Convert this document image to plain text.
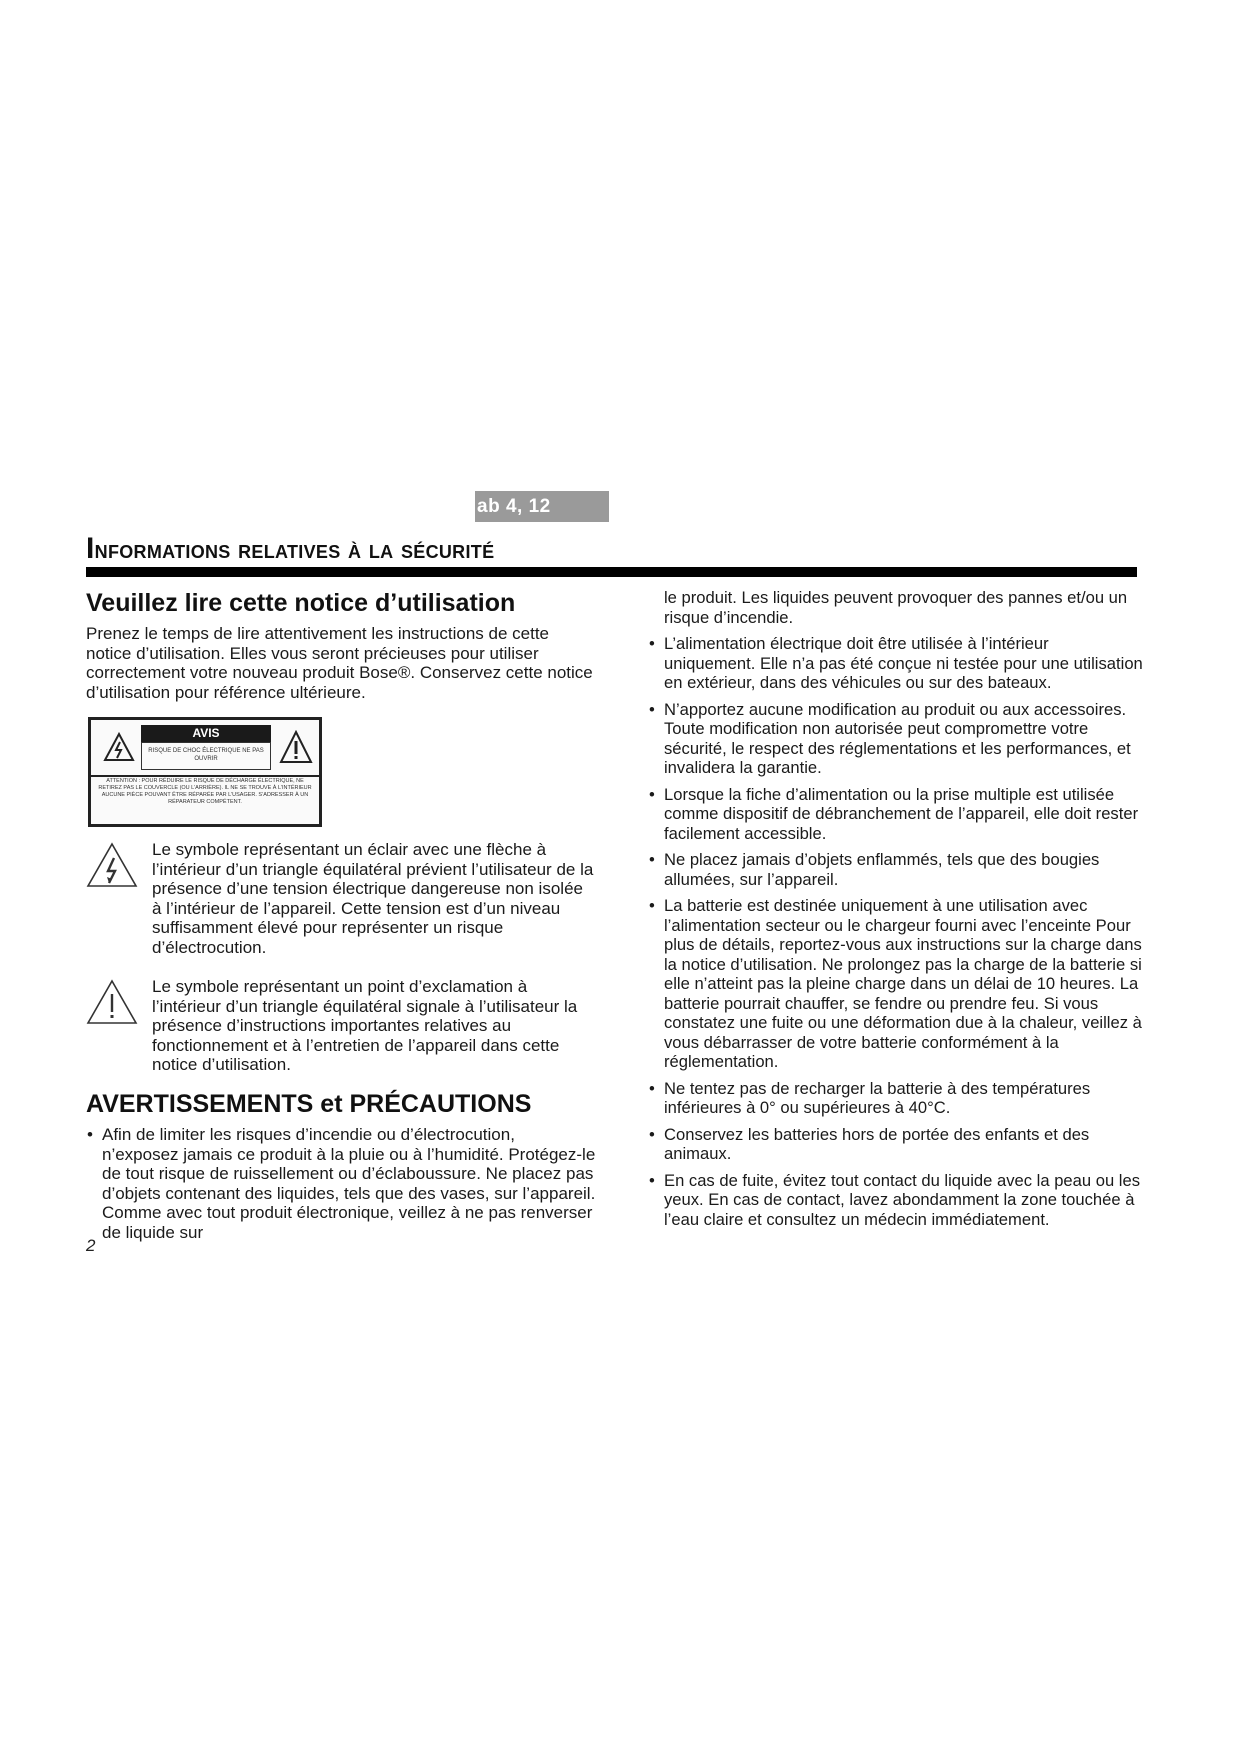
ab 4, 12
Informations relatives à la sécurité
Veuillez lire cette notice d’utilisation

Prenez le temps de lire attentivement les instructions de cette notice d’utilisation. Elles vous seront précieuses pour utiliser correctement votre nouveau produit Bose®. Conservez cette notice d’utilisation pour référence ultérieure.

AVIS
RISQUE DE CHOC ÉLECTRIQUE NE PAS OUVRIR
ATTENTION : POUR RÉDUIRE LE RISQUE DE DÉCHARGE ÉLECTRIQUE, NE RETIREZ PAS LE COUVERCLE (OU L’ARRIÈRE). IL NE SE TROUVE À L’INTÉRIEUR AUCUNE PIÈCE POUVANT ÊTRE RÉPARÉE PAR L’USAGER. S’ADRESSER À UN RÉPARATEUR COMPÉTENT.

Le symbole représentant un éclair avec une flèche à l’intérieur d’un triangle équilatéral prévient l’utilisateur de la présence d’une tension électrique dangereuse non isolée à l’intérieur de l’appareil. Cette tension est d’un niveau suffisamment élevé pour représenter un risque d’électrocution.

Le symbole représentant un point d’exclamation à l’intérieur d’un triangle équilatéral signale à l’utilisateur la présence d’instructions importantes relatives au fonctionnement et à l’entretien de l’appareil dans cette notice d’utilisation.

AVERTISSEMENTS et PRÉCAUTIONS
• Afin de limiter les risques d’incendie ou d’électrocution, n’exposez jamais ce produit à la pluie ou à l’humidité. Protégez-le de tout risque de ruissellement ou d’éclaboussure. Ne placez pas d’objets contenant des liquides, tels que des vases, sur l’appareil. Comme avec tout produit électronique, veillez à ne pas renverser de liquide sur

le produit. Les liquides peuvent provoquer des pannes et/ou un risque d’incendie.

• L’alimentation électrique doit être utilisée à l’intérieur uniquement. Elle n’a pas été conçue ni testée pour une utilisation en extérieur, dans des véhicules ou sur des bateaux.
• N’apportez aucune modification au produit ou aux accessoires. Toute modification non autorisée peut compromettre votre sécurité, le respect des réglementations et les performances, et invalidera la garantie.
• Lorsque la fiche d’alimentation ou la prise multiple est utilisée comme dispositif de débranchement de l’appareil, elle doit rester facilement accessible.
• Ne placez jamais d’objets enflammés, tels que des bougies allumées, sur l’appareil.
• La batterie est destinée uniquement à une utilisation avec l’alimentation secteur ou le chargeur fourni avec l’enceinte Pour plus de détails, reportez-vous aux instructions sur la charge dans la notice d’utilisation. Ne prolongez pas la charge de la batterie si elle n’atteint pas la pleine charge dans un délai de 10 heures. La batterie pourrait chauffer, se fendre ou prendre feu. Si vous constatez une fuite ou une déformation due à la chaleur, veillez à vous débarrasser de votre batterie conformément à la réglementation.
• Ne tentez pas de recharger la batterie à des températures inférieures à 0° ou supérieures à 40°C.
• Conservez les batteries hors de portée des enfants et des animaux.
• En cas de fuite, évitez tout contact du liquide avec la peau ou les yeux. En cas de contact, lavez abondamment la zone touchée à l’eau claire et consultez un médecin immédiatement.
2
